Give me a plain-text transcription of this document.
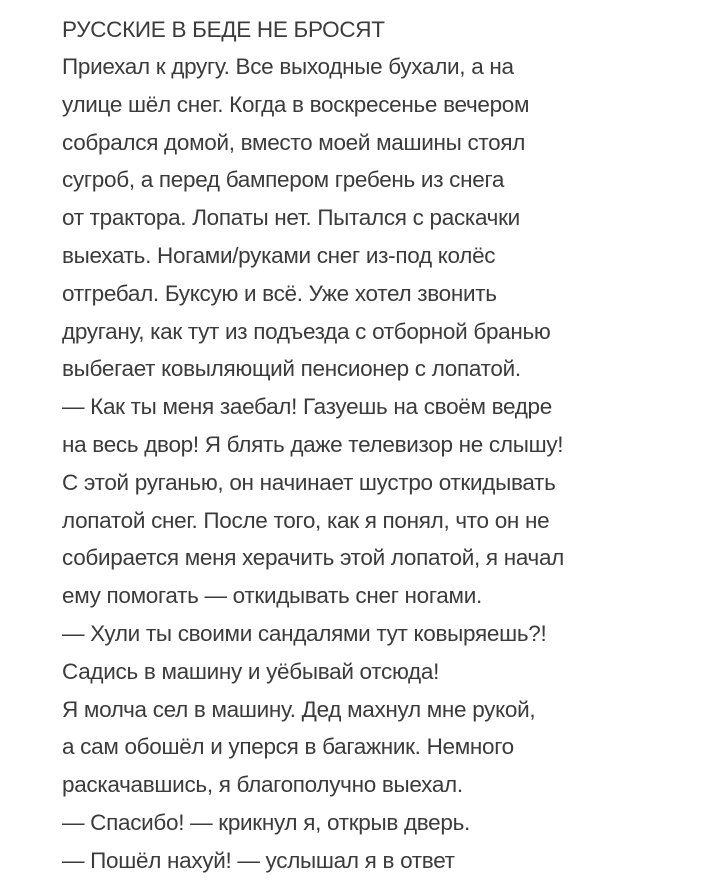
РУССКИЕ В БЕДЕ НЕ БРОСЯТ
Приехал к другу. Все выходные бухали, а на
улице шёл снег. Когда в воскресенье вечером
собрался домой, вместо моей машины стоял
сугроб, а перед бампером гребень из снега
от трактора. Лопаты нет. Пытался с раскачки
выехать. Ногами/руками снег из-под колёс
отгребал. Буксую и всё. Уже хотел звонить
другану, как тут из подъезда с отборной бранью
выбегает ковыляющий пенсионер с лопатой.
— Как ты меня заебал! Газуешь на своём ведре
на весь двор! Я блять даже телевизор не слышу!
С этой руганью, он начинает шустро откидывать
лопатой снег. После того, как я понял, что он не
собирается меня херачить этой лопатой, я начал
ему помогать — откидывать снег ногами.
— Хули ты своими сандалями тут ковыряешь?!
Садись в машину и уёбывай отсюда!
Я молча сел в машину. Дед махнул мне рукой,
а сам обошёл и уперся в багажник. Немного
раскачавшись, я благополучно выехал.
— Спасибо! — крикнул я, открыв дверь.
— Пошёл нахуй! — услышал я в ответ
